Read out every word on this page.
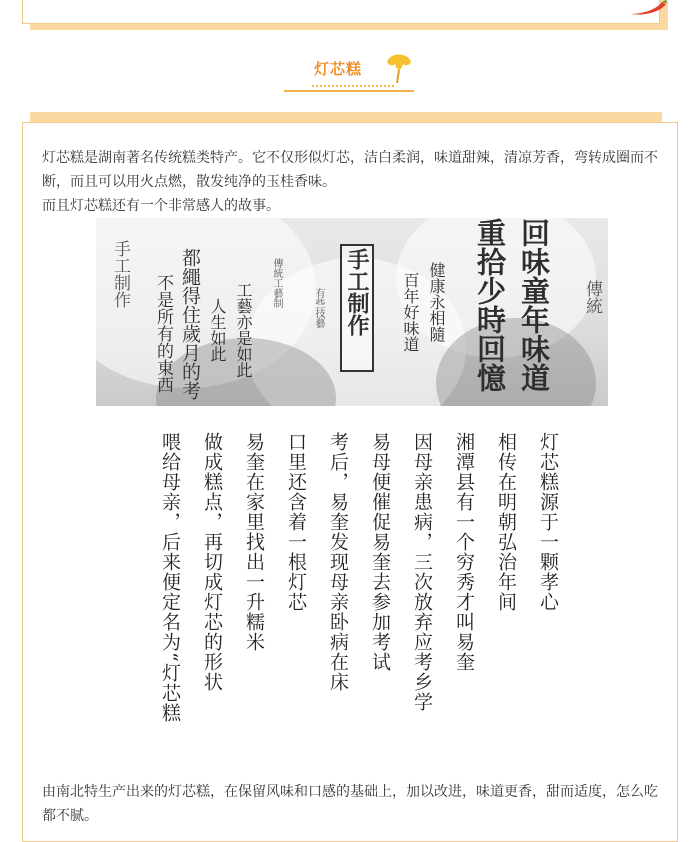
灯芯糕
灯芯糕是湖南著名传统糕类特产。它不仅形似灯芯，洁白柔润，味道甜辣，清凉芳香，弯转成圈而不断，而且可以用火点燃，散发纯净的玉桂香味。
而且灯芯糕还有一个非常感人的故事。
回味童年味道
重拾少時回憶
健康永相隨
百年好味道
手工制作
傳統工藝制	有些技藝
工藝亦是如此
人生如此
都繩得住歲月的考
不是所有的東西
手工制作	傳統
灯芯糕源于一颗孝心
相传在明朝弘治年间
湘潭县有一个穷秀才叫易奎
因母亲患病，三次放弃应考乡学
易母便催促易奎去参加考试
考后，易奎发现母亲卧病在床
口里还含着一根灯芯
易奎在家里找出一升糯米
做成糕点，再切成灯芯的形状
喂给母亲，后来便定名为“灯芯糕
由南北特生产出来的灯芯糕，在保留风味和口感的基础上，加以改进，味道更香，甜而适度，怎么吃都不腻。
